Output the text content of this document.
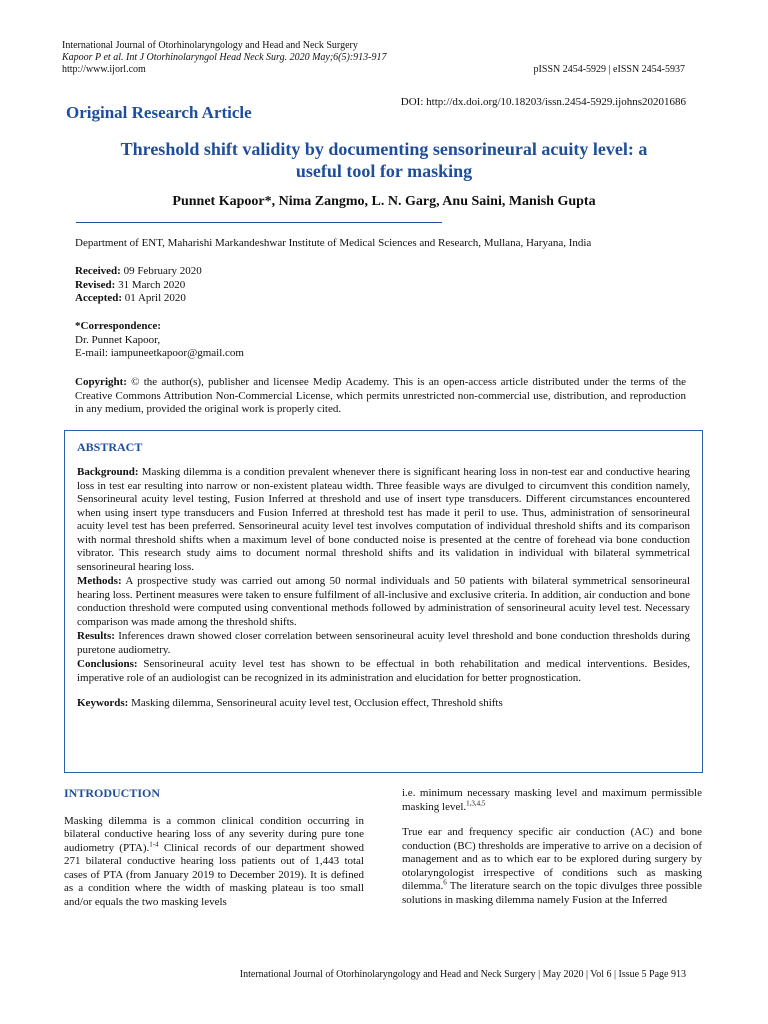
International Journal of Otorhinolaryngology and Head and Neck Surgery
Kapoor P et al. Int J Otorhinolaryngol Head Neck Surg. 2020 May;6(5):913-917
http://www.ijorl.com	pISSN 2454-5929 | eISSN 2454-5937
Original Research Article
DOI: http://dx.doi.org/10.18203/issn.2454-5929.ijohns20201686
Threshold shift validity by documenting sensorineural acuity level: a
useful tool for masking
Punnet Kapoor*, Nima Zangmo, L. N. Garg, Anu Saini, Manish Gupta
Department of ENT, Maharishi Markandeshwar Institute of Medical Sciences and Research, Mullana, Haryana, India
Received: 09 February 2020
Revised: 31 March 2020
Accepted: 01 April 2020
*Correspondence:
Dr. Punnet Kapoor,
E-mail: iampuneetkapoor@gmail.com
Copyright: © the author(s), publisher and licensee Medip Academy. This is an open-access article distributed under the terms of the Creative Commons Attribution Non-Commercial License, which permits unrestricted non-commercial use, distribution, and reproduction in any medium, provided the original work is properly cited.
ABSTRACT

Background: Masking dilemma is a condition prevalent whenever there is significant hearing loss in non-test ear and conductive hearing loss in test ear resulting into narrow or non-existent plateau width. Three feasible ways are divulged to circumvent this condition namely, Sensorineural acuity level testing, Fusion Inferred at threshold and use of insert type transducers. Different circumstances encountered when using insert type transducers and Fusion Inferred at threshold test has made it peril to use. Thus, administration of sensorineural acuity level test has been preferred. Sensorineural acuity level test involves computation of individual threshold shifts and its comparison with normal threshold shifts when a maximum level of bone conducted noise is presented at the centre of forehead via bone conduction vibrator. This research study aims to document normal threshold shifts and its validation in individual with bilateral symmetrical sensorineural hearing loss.

Methods: A prospective study was carried out among 50 normal individuals and 50 patients with bilateral symmetrical sensorineural hearing loss. Pertinent measures were taken to ensure fulfilment of all-inclusive and exclusive criteria. In addition, air conduction and bone conduction threshold were computed using conventional methods followed by administration of sensorineural acuity level test. Necessary comparison was made among the threshold shifts.

Results: Inferences drawn showed closer correlation between sensorineural acuity level threshold and bone conduction thresholds during puretone audiometry.

Conclusions: Sensorineural acuity level test has shown to be effectual in both rehabilitation and medical interventions. Besides, imperative role of an audiologist can be recognized in its administration and elucidation for better prognostication.

Keywords: Masking dilemma, Sensorineural acuity level test, Occlusion effect, Threshold shifts

INTRODUCTION

Masking dilemma is a common clinical condition occurring in bilateral conductive hearing loss of any severity during pure tone audiometry (PTA).$^{1-4}$ Clinical records of our department showed 271 bilateral conductive hearing loss patients out of 1,443 total cases of PTA (from January 2019 to December 2019). It is defined as a condition where the width of masking plateau is too small and/or equals the two masking levels

i.e. minimum necessary masking level and maximum permissible masking level.$^{1,3,4,5}$

True ear and frequency specific air conduction (AC) and bone conduction (BC) thresholds are imperative to arrive on a decision of management and as to which ear to be explored during surgery by otolaryngologist irrespective of conditions such as masking dilemma.$^6$ The literature search on the topic divulges three possible solutions in masking dilemma namely Fusion at the Inferred

International Journal of Otorhinolaryngology and Head and Neck Surgery | May 2020 | Vol 6 | Issue 5 Page 913
